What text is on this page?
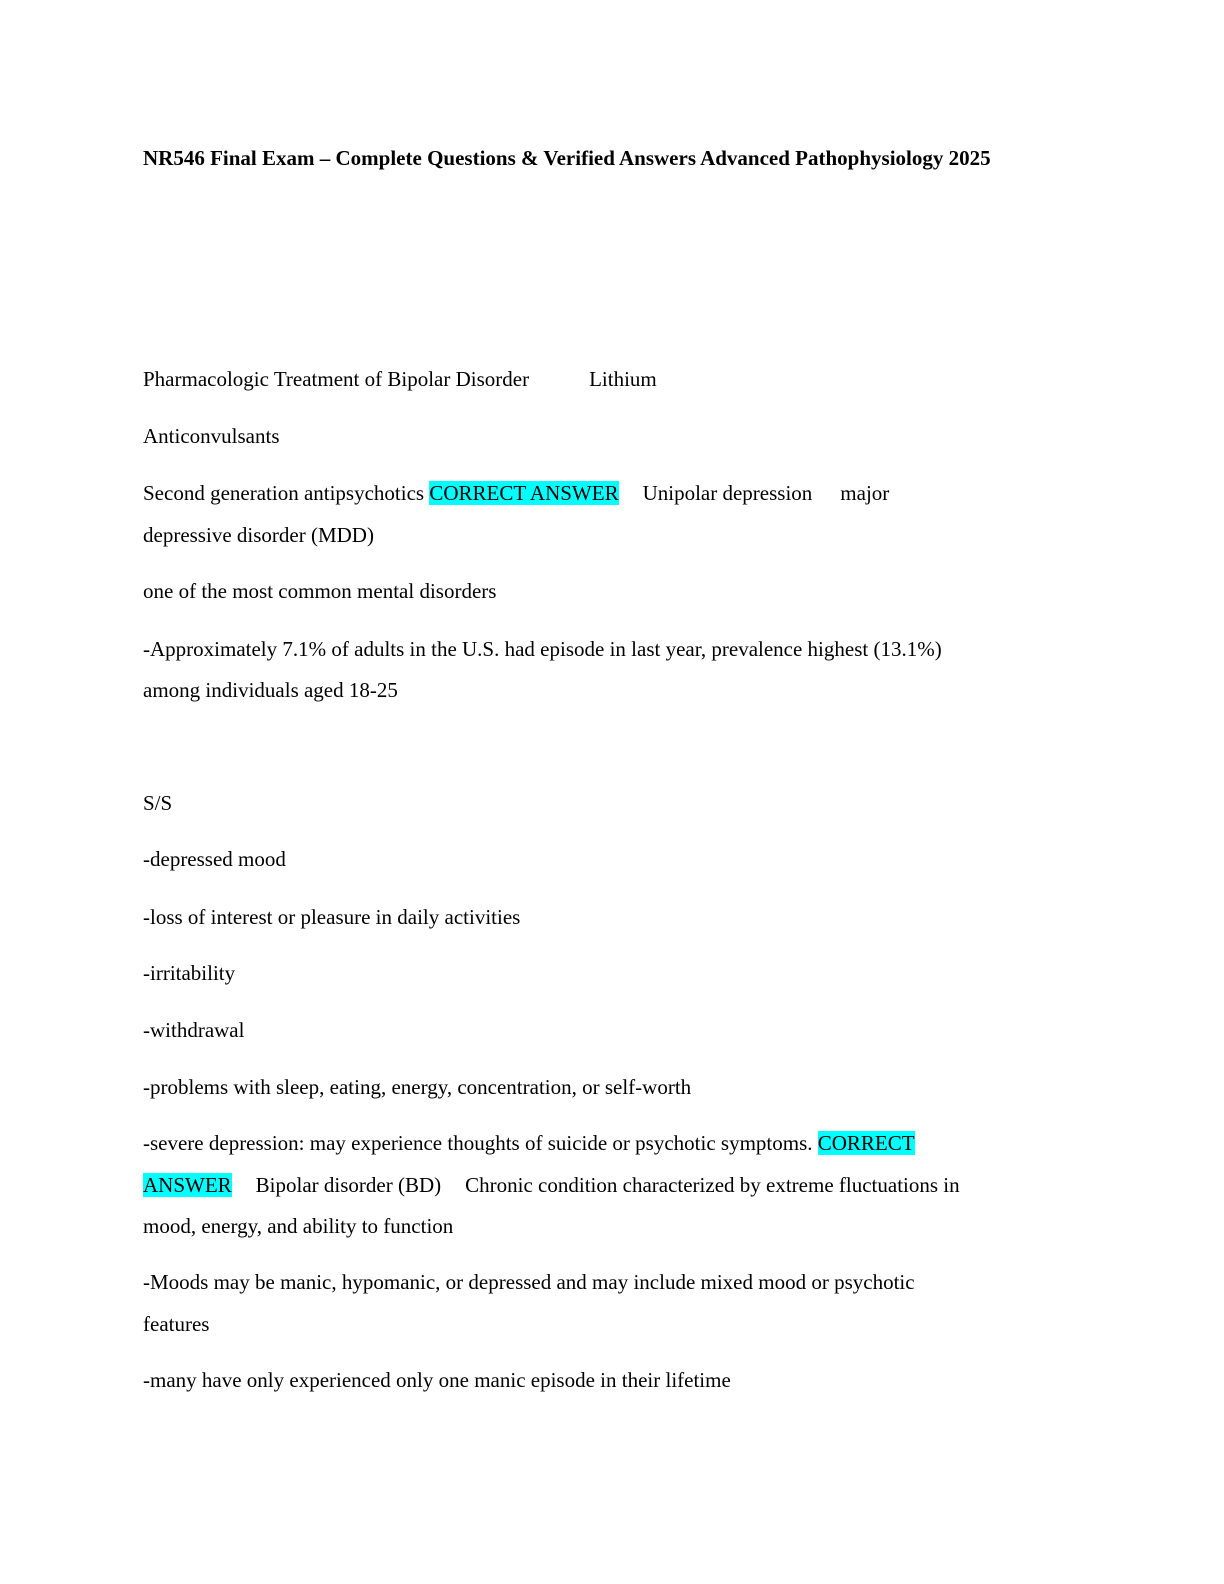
NR546 Final Exam – Complete Questions & Verified Answers Advanced Pathophysiology 2025

Pharmacologic Treatment of Bipolar Disorder	Lithium

Anticonvulsants

Second generation antipsychotics CORRECT ANSWER Unipolar depression major

depressive disorder (MDD)

one of the most common mental disorders

-Approximately 7.1% of adults in the U.S. had episode in last year, prevalence highest (13.1%)

among individuals aged 18-25

S/S

-depressed mood

-loss of interest or pleasure in daily activities

-irritability

-withdrawal

-problems with sleep, eating, energy, concentration, or self-worth

-severe depression: may experience thoughts of suicide or psychotic symptoms. CORRECT

ANSWER Bipolar disorder (BD) Chronic condition characterized by extreme fluctuations in

mood, energy, and ability to function

-Moods may be manic, hypomanic, or depressed and may include mixed mood or psychotic

features

-many have only experienced only one manic episode in their lifetime
